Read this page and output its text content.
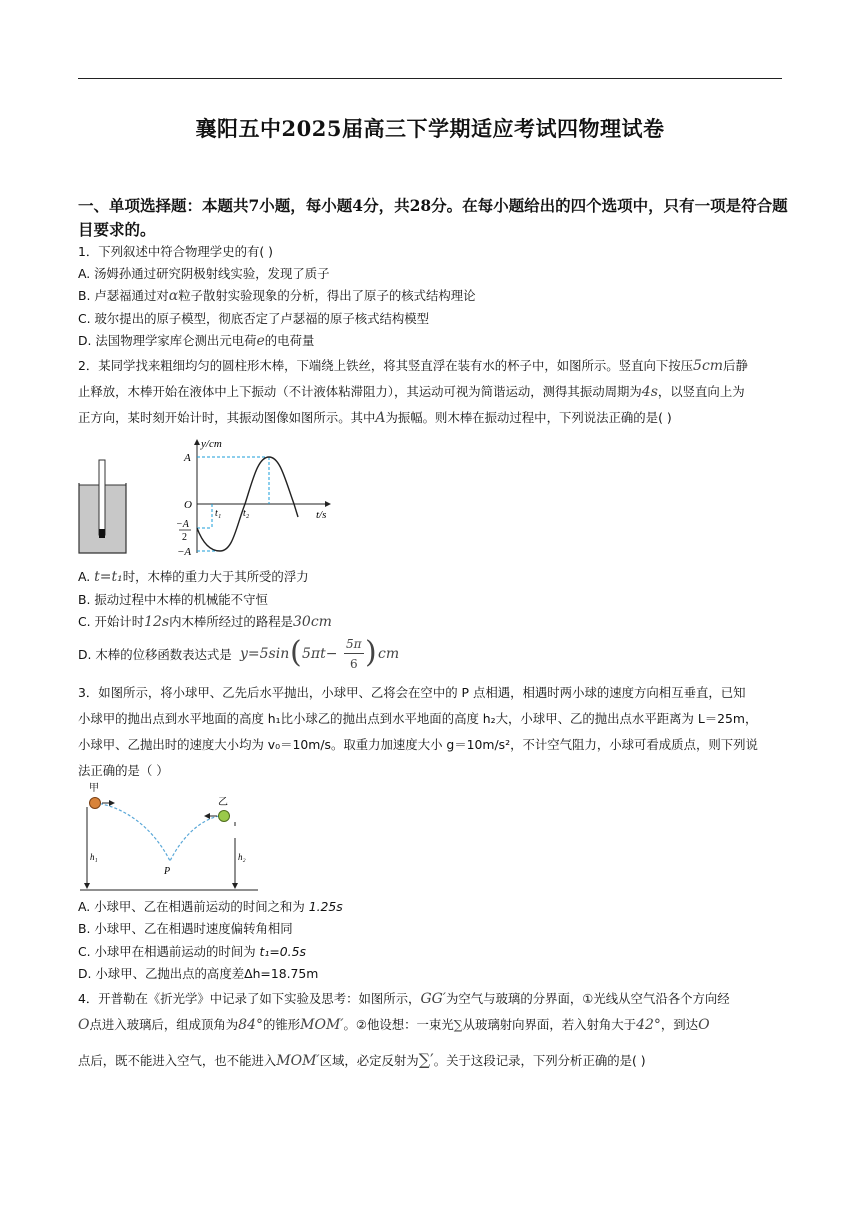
襄阳五中2025届高三下学期适应考试四物理试卷
一、单项选择题：本题共7小题，每小题4分，共28分。在每小题给出的四个选项中，只有一项是符合题目要求的。
1．下列叙述中符合物理学史的有( )
A. 汤姆孙通过研究阴极射线实验，发现了质子
B. 卢瑟福通过对α粒子散射实验现象的分析，得出了原子的核式结构理论
C. 玻尔提出的原子模型，彻底否定了卢瑟福的原子核式结构模型
D. 法国物理学家库仑测出元电荷e的电荷量
2．某同学找来粗细均匀的圆柱形木棒，下端绕上铁丝，将其竖直浮在装有水的杯子中，如图所示。竖直向下按压5cm后静
止释放，木棒开始在液体中上下振动（不计液体粘滞阻力），其运动可视为简谐运动，测得其振动周期为4s，以竖直向上为
正方向，某时刻开始计时，其振动图像如图所示。其中A为振幅。则木棒在振动过程中，下列说法正确的是( )
y/cm
t/s
A
O
−A
2
−A
t₁ t₂
A. t=t₁时，木棒的重力大于其所受的浮力
B. 振动过程中木棒的机械能不守恒
C. 开始计时12s内木棒所经过的路程是30cm
D. 木棒的位移函数表达式是 y=5sin ( 5πt−
5π
6 ) cm
3．如图所示，将小球甲、乙先后水平抛出，小球甲、乙将会在空中的 P 点相遇，相遇时两小球的速度方向相互垂直，已知
小球甲的抛出点到水平地面的高度 h₁比小球乙的抛出点到水平地面的高度 h₂大，小球甲、乙的抛出点水平距离为 L＝25m，
小球甲、乙抛出时的速度大小均为 v₀＝10m/s。取重力加速度大小 g＝10m/s²，不计空气阻力，小球可看成质点，则下列说
法正确的是（ ）
甲
乙
P
h₁	h₂
A. 小球甲、乙在相遇前运动的时间之和为 1.25s
B. 小球甲、乙在相遇时速度偏转角相同
C. 小球甲在相遇前运动的时间为 t₁=0.5s
D. 小球甲、乙抛出点的高度差Δh=18.75m
4．开普勒在《折光学》中记录了如下实验及思考：如图所示，GG′为空气与玻璃的分界面，①光线从空气沿各个方向经
O点进入玻璃后，组成顶角为84°的锥形MOM′。②他设想：一束光∑从玻璃射向界面，若入射角大于42°，到达O
点后，既不能进入空气，也不能进入MOM′区域，必定反射为∑′。关于这段记录，下列分析正确的是( )
